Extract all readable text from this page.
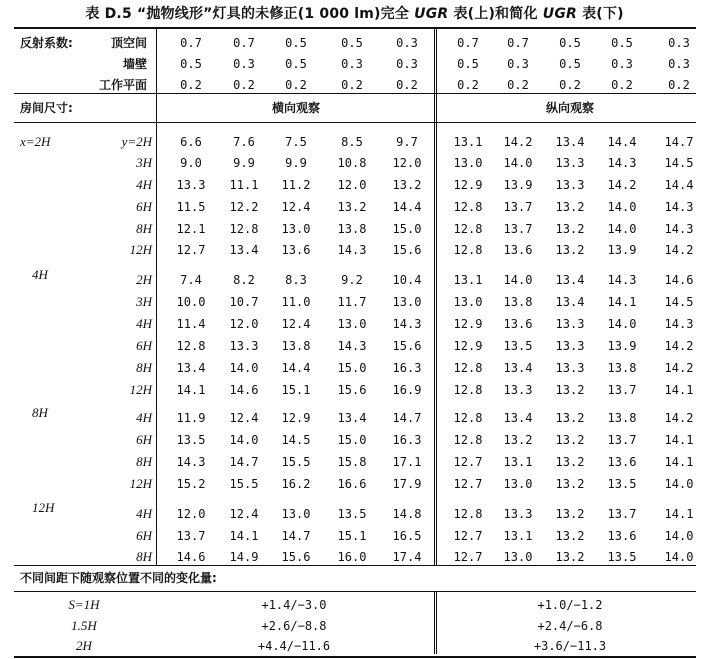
表 D.5 “抛物线形”灯具的未修正(1 000 lm)完全 UGR 表(上)和简化 UGR 表(下)
反射系数:	顶空间	0.7	0.7	0.5	0.5	0.3	0.7	0.7	0.5	0.5	0.3
墙壁	0.5	0.3	0.5	0.3	0.3	0.5	0.3	0.5	0.3	0.3
工作平面	0.2	0.2	0.2	0.2	0.2	0.2	0.2	0.2	0.2	0.2
房间尺寸:	横向观察	纵向观察
x=2H	y=2H	6.6	7.6	7.5	8.5	9.7	13.1	14.2	13.4	14.4	14.7
3H	9.0	9.9	9.9	10.8	12.0	13.0	14.0	13.3	14.3	14.5
4H	13.3	11.1	11.2	12.0	13.2	12.9	13.9	13.3	14.2	14.4
6H	11.5	12.2	12.4	13.2	14.4	12.8	13.7	13.2	14.0	14.3
8H	12.1	12.8	13.0	13.8	15.0	12.8	13.7	13.2	14.0	14.3
12H	12.7	13.4	13.6	14.3	15.6	12.8	13.6	13.2	13.9	14.2
4H	2H	7.4	8.2	8.3	9.2	10.4	13.1	14.0	13.4	14.3	14.6
3H	10.0	10.7	11.0	11.7	13.0	13.0	13.8	13.4	14.1	14.5
4H	11.4	12.0	12.4	13.0	14.3	12.9	13.6	13.3	14.0	14.3
6H	12.8	13.3	13.8	14.3	15.6	12.9	13.5	13.3	13.9	14.2
8H	13.4	14.0	14.4	15.0	16.3	12.8	13.4	13.3	13.8	14.2
12H	14.1	14.6	15.1	15.6	16.9	12.8	13.3	13.2	13.7	14.1
8H	4H	11.9	12.4	12.9	13.4	14.7	12.8	13.4	13.2	13.8	14.2
6H	13.5	14.0	14.5	15.0	16.3	12.8	13.2	13.2	13.7	14.1
8H	14.3	14.7	15.5	15.8	17.1	12.7	13.1	13.2	13.6	14.1
12H	15.2	15.5	16.2	16.6	17.9	12.7	13.0	13.2	13.5	14.0
12H	4H	12.0	12.4	13.0	13.5	14.8	12.8	13.3	13.2	13.7	14.1
6H	13.7	14.1	14.7	15.1	16.5	12.7	13.1	13.2	13.6	14.0
8H	14.6	14.9	15.6	16.0	17.4	12.7	13.0	13.2	13.5	14.0
不同间距下随观察位置不同的变化量:
S=1H	+1.4/−3.0	+1.0/−1.2
1.5H	+2.6/−8.8	+2.4/−6.8
2H	+4.4/−11.6	+3.6/−11.3
